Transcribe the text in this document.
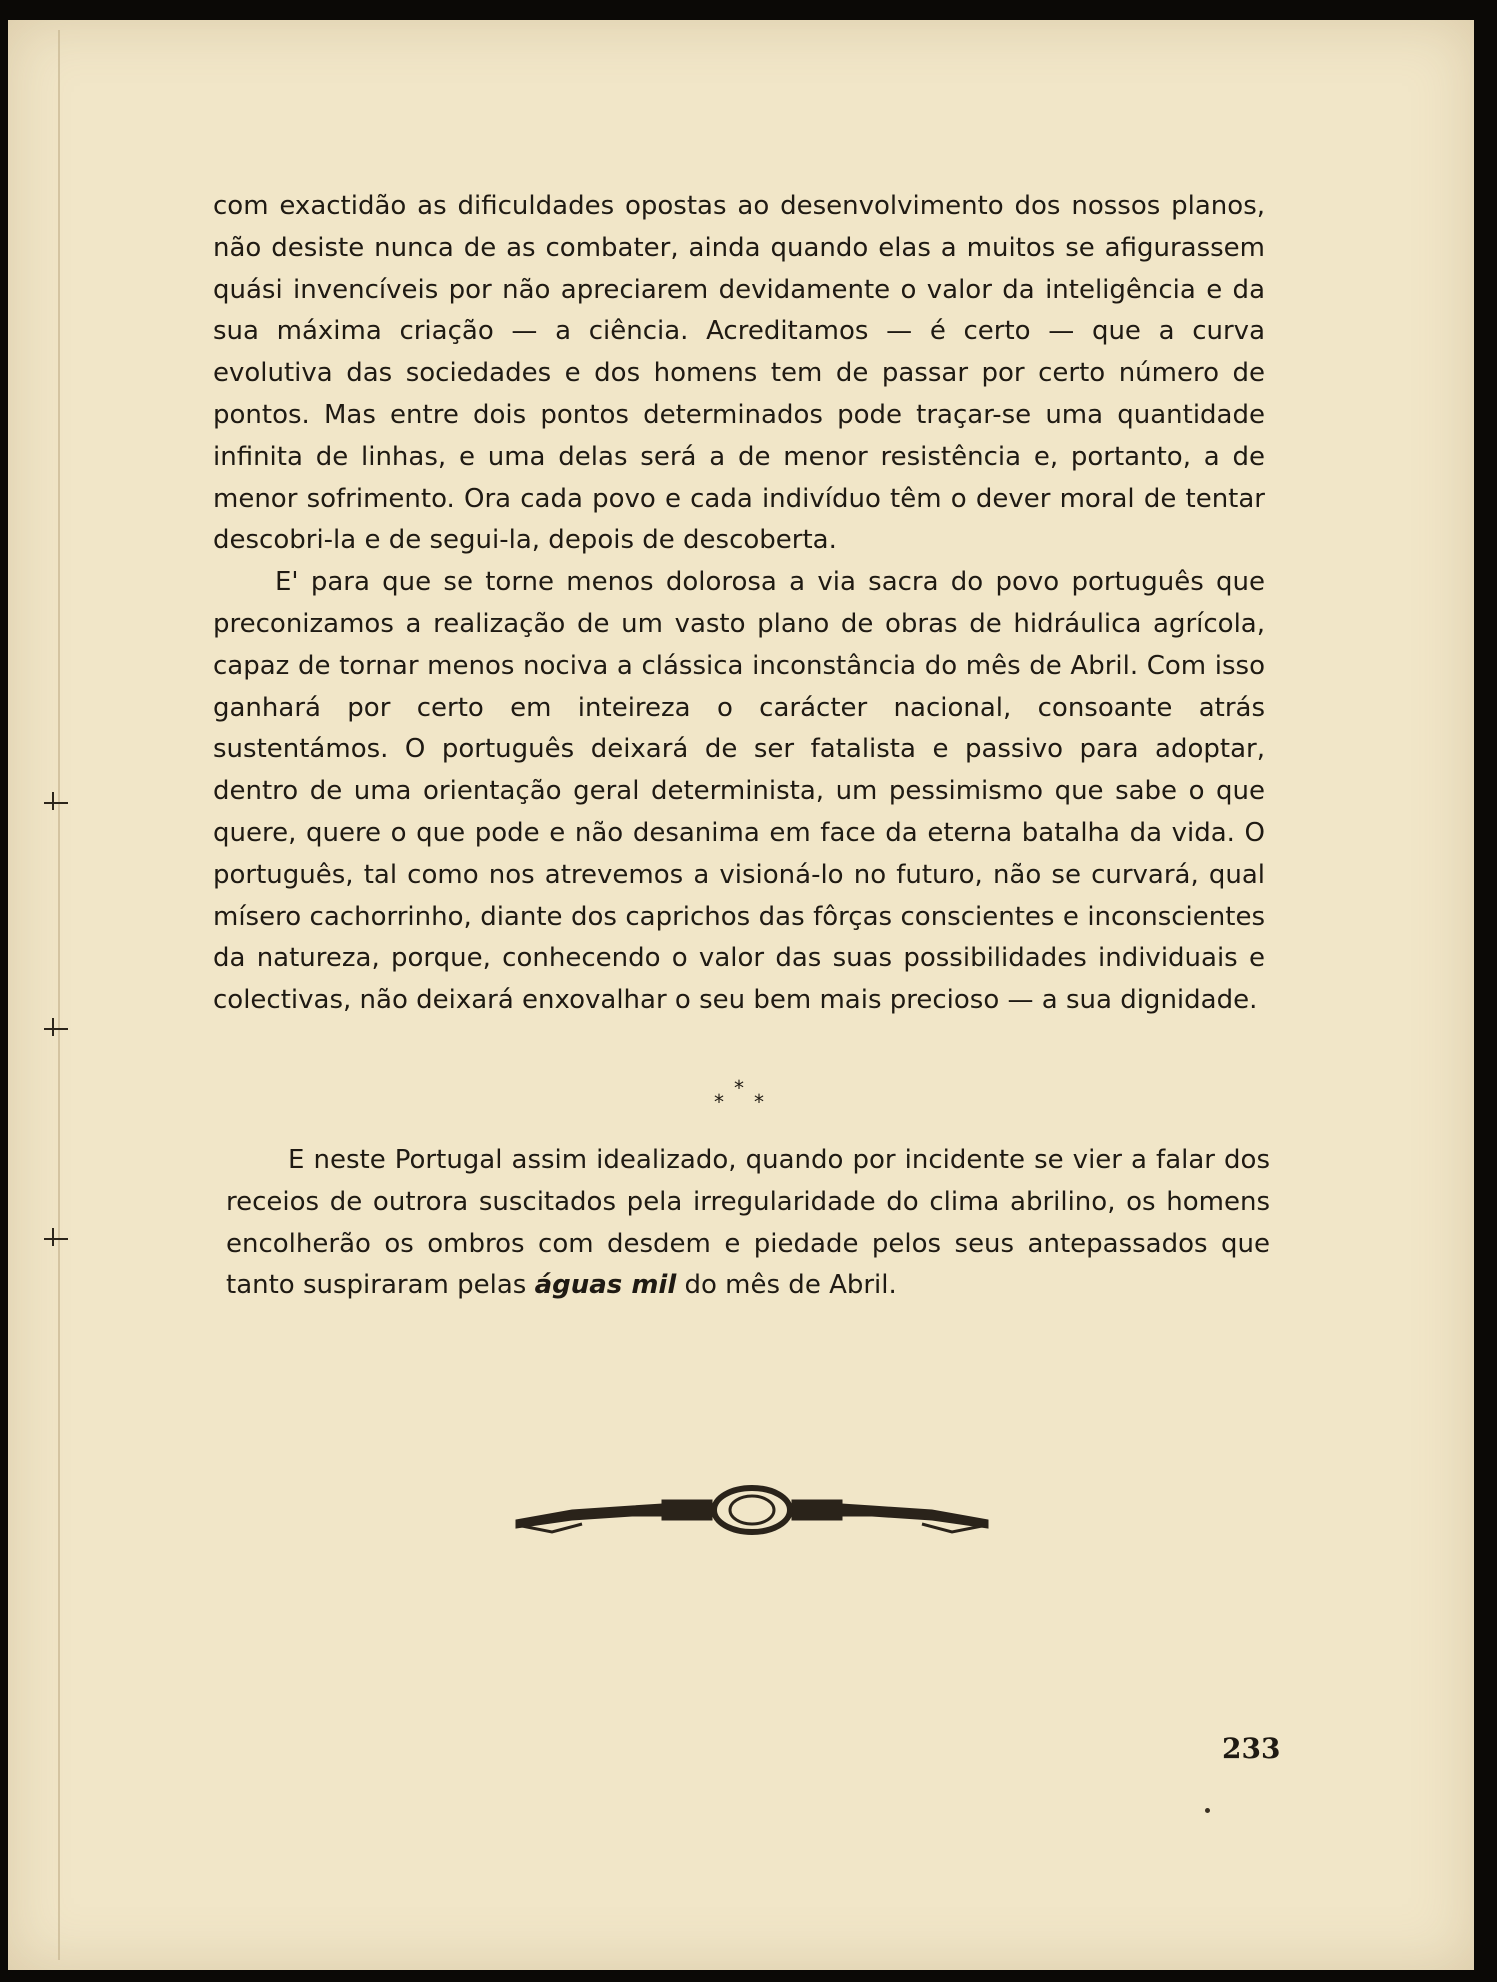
com exactidão as dificuldades opostas ao desenvolvimento dos nossos planos, não desiste nunca de as combater, ainda quando elas a muitos se afigurassem quási invencíveis por não apreciarem devidamente o valor da inteligência e da sua máxima criação — a ciência. Acreditamos — é certo — que a curva evolutiva das sociedades e dos homens tem de passar por certo número de pontos. Mas entre dois pontos determinados pode traçar-se uma quantidade infinita de linhas, e uma delas será a de menor resistência e, portanto, a de menor sofrimento. Ora cada povo e cada indivíduo têm o dever moral de tentar descobri-la e de segui-la, depois de descoberta.

E' para que se torne menos dolorosa a via sacra do povo português que preconizamos a realização de um vasto plano de obras de hidráulica agrícola, capaz de tornar menos nociva a clássica inconstância do mês de Abril. Com isso ganhará por certo em inteireza o carácter nacional, consoante atrás sustentámos. O português deixará de ser fatalista e passivo para adoptar, dentro de uma orientação geral determinista, um pessimismo que sabe o que quere, quere o que pode e não desanima em face da eterna batalha da vida. O português, tal como nos atrevemos a visioná-lo no futuro, não se curvará, qual mísero cachorrinho, diante dos caprichos das fôrças conscientes e inconscientes da natureza, porque, conhecendo o valor das suas possibilidades individuais e colectivas, não deixará enxovalhar o seu bem mais precioso — a sua dignidade.

*
* *

E neste Portugal assim idealizado, quando por incidente se vier a falar dos receios de outrora suscitados pela irregularidade do clima abrilino, os homens encolherão os ombros com desdem e piedade pelos seus antepassados que tanto suspiraram pelas águas mil do mês de Abril.

233
